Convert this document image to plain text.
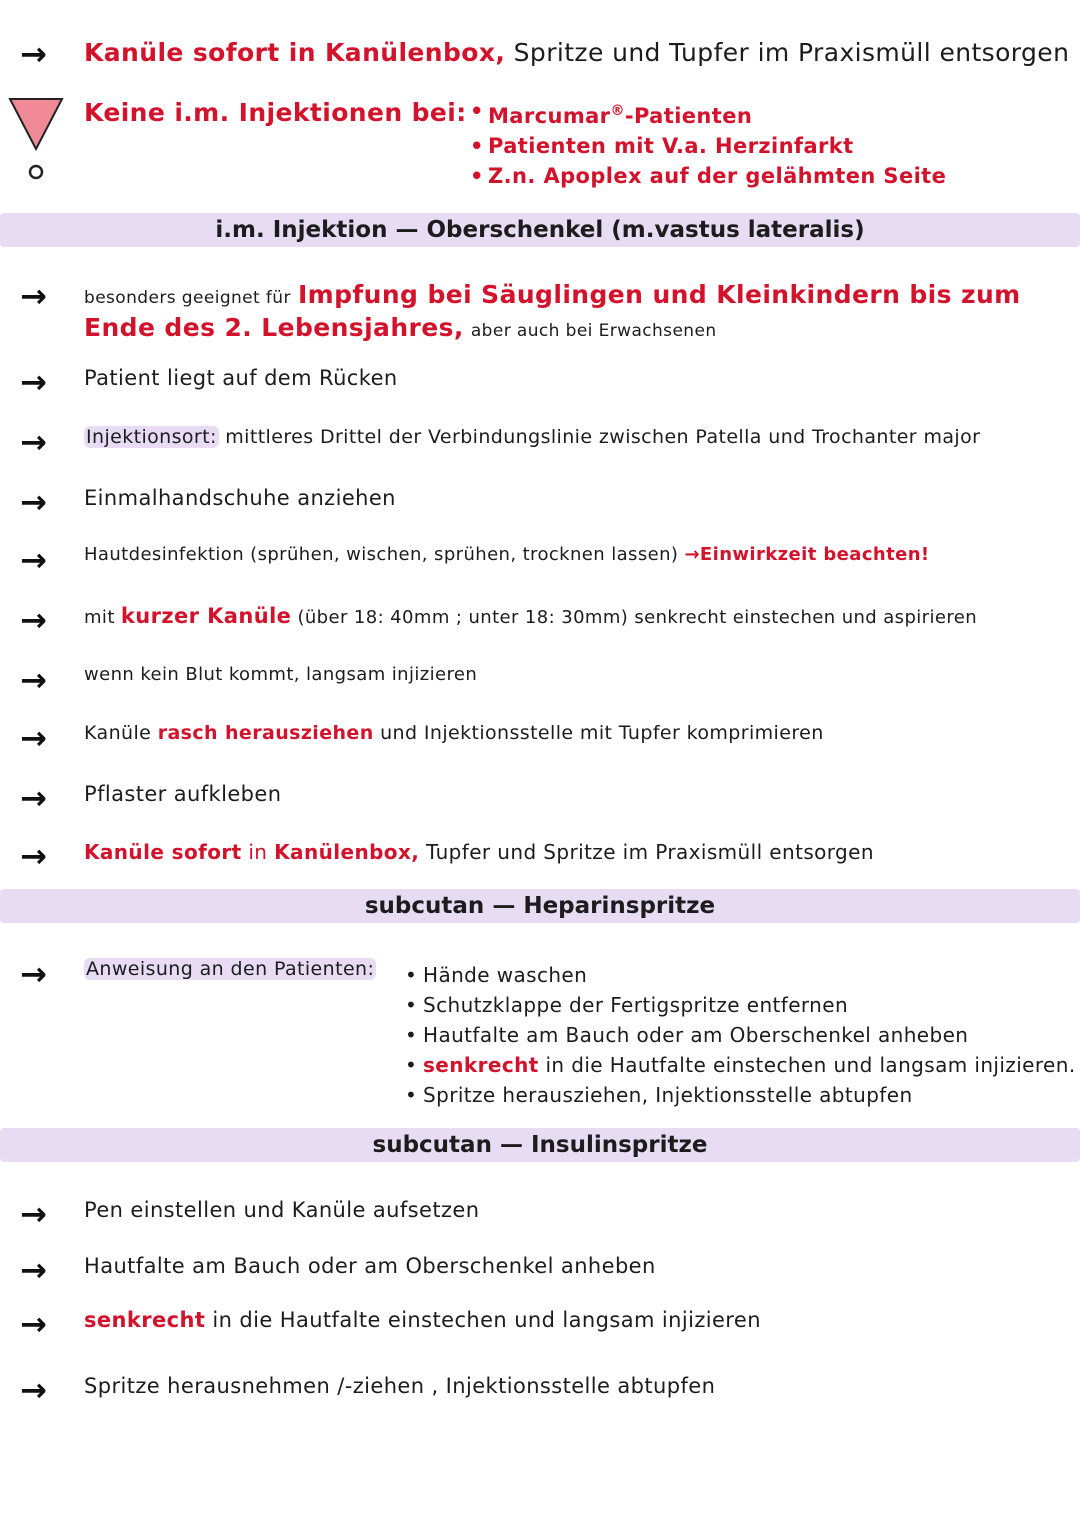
→ Kanüle sofort in Kanülenbox, Spritze und Tupfer im Praxismüll entsorgen
Keine i.m. Injektionen bei:	• Marcumar®-Patienten
• Patienten mit V.a. Herzinfarkt
• Z.n. Apoplex auf der gelähmten Seite
i.m. Injektion — Oberschenkel (m.vastus lateralis)
→ besonders geeignet für Impfung bei Säuglingen und Kleinkindern bis zum Ende des 2. Lebensjahres, aber auch bei Erwachsenen
→ Patient liegt auf dem Rücken
→ Injektionsort: mittleres Drittel der Verbindungslinie zwischen Patella und Trochanter major
→ Einmalhandschuhe anziehen
→ Hautdesinfektion (sprühen, wischen, sprühen, trocknen lassen) →Einwirkzeit beachten!
→ mit kurzer Kanüle (über 18: 40mm ; unter 18: 30mm) senkrecht einstechen und aspirieren
→ wenn kein Blut kommt, langsam injizieren
→ Kanüle rasch herausziehen und Injektionsstelle mit Tupfer komprimieren
→ Pflaster aufkleben
→ Kanüle sofort in Kanülenbox, Tupfer und Spritze im Praxismüll entsorgen
subcutan — Heparinspritze
→ Anweisung an den Patienten:	• Hände waschen
• Schutzklappe der Fertigspritze entfernen
• Hautfalte am Bauch oder am Oberschenkel anheben
• senkrecht in die Hautfalte einstechen und langsam injizieren.
• Spritze herausziehen, Injektionsstelle abtupfen
subcutan — Insulinspritze
→ Pen einstellen und Kanüle aufsetzen
→ Hautfalte am Bauch oder am Oberschenkel anheben
→ senkrecht in die Hautfalte einstechen und langsam injizieren
→ Spritze herausnehmen /-ziehen , Injektionsstelle abtupfen
